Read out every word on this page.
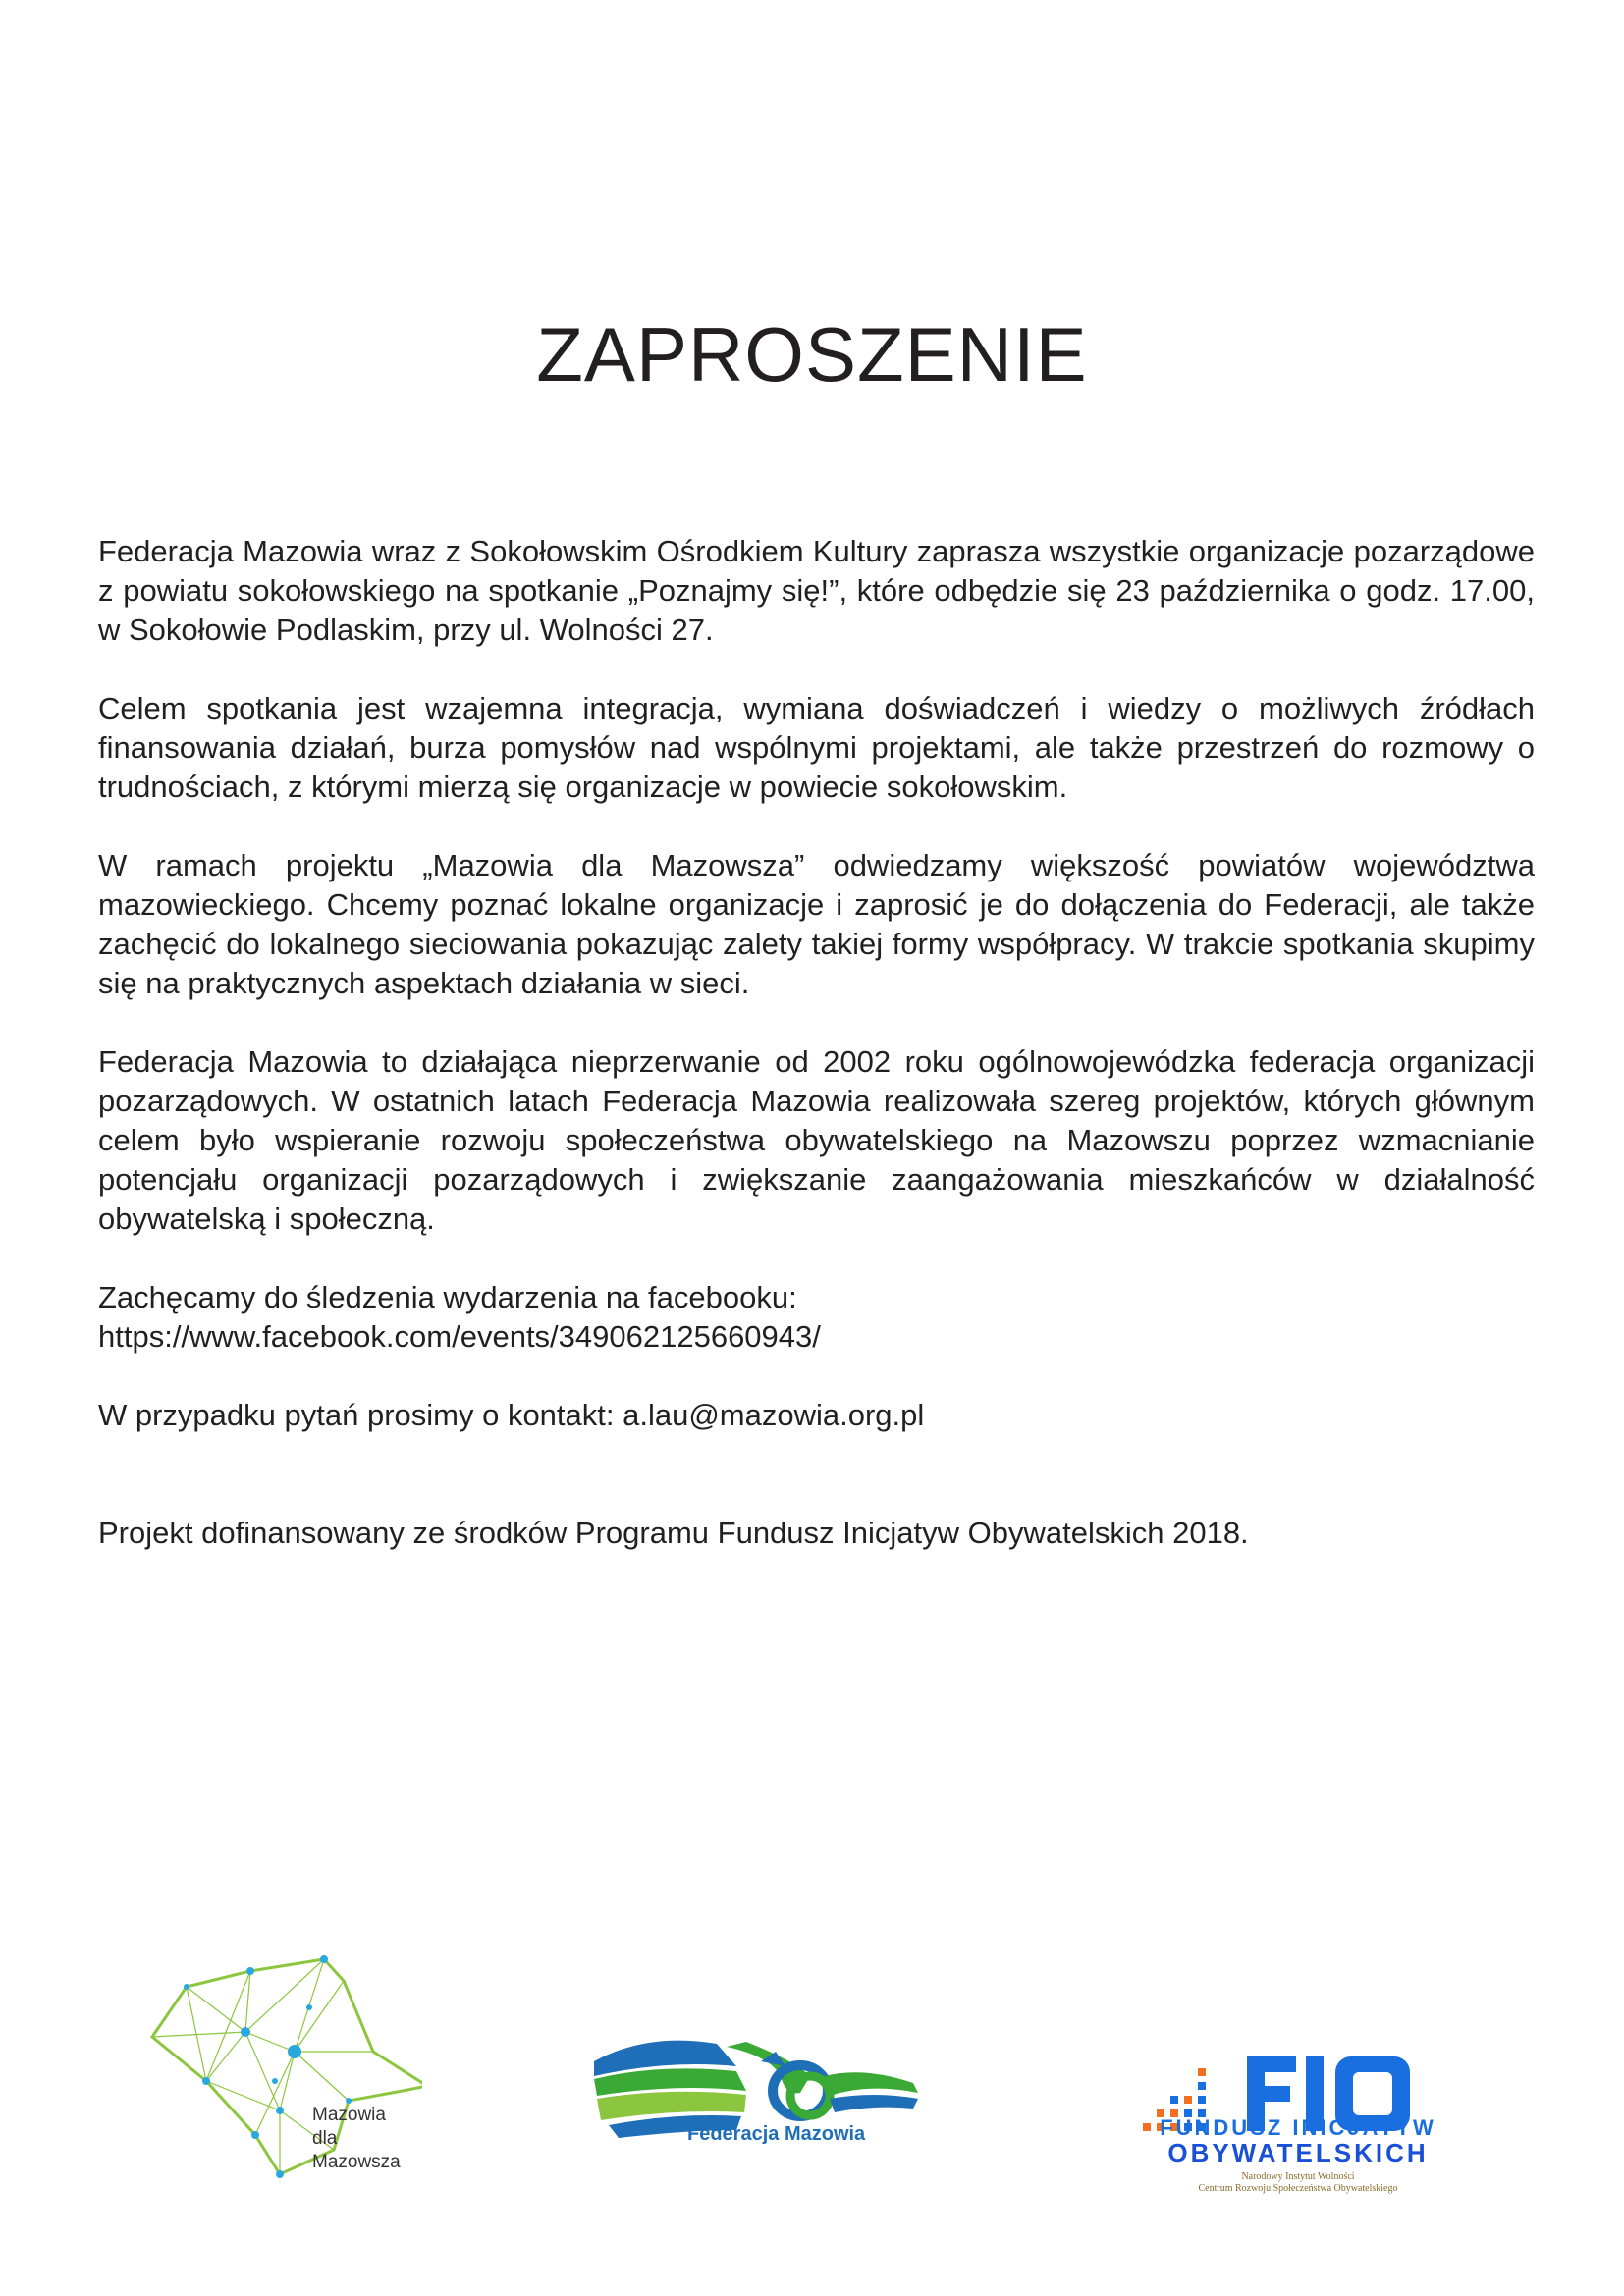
ZAPROSZENIE

Federacja Mazowia wraz z Sokołowskim Ośrodkiem Kultury zaprasza wszystkie organizacje pozarządowe z powiatu sokołowskiego na spotkanie „Poznajmy się!”, które odbędzie się 23 października o godz. 17.00, w Sokołowie Podlaskim, przy ul. Wolności 27.

Celem spotkania jest wzajemna integracja, wymiana doświadczeń i wiedzy o możliwych źródłach finansowania działań, burza pomysłów nad wspólnymi projektami, ale także przestrzeń do rozmowy o trudnościach, z którymi mierzą się organizacje w powiecie sokołowskim.

W ramach projektu „Mazowia dla Mazowsza” odwiedzamy większość powiatów województwa mazowieckiego. Chcemy poznać lokalne organizacje i zaprosić je do dołączenia do Federacji, ale także zachęcić do lokalnego sieciowania pokazując zalety takiej formy współpracy. W trakcie spotkania skupimy się na praktycznych aspektach działania w sieci.

Federacja Mazowia to działająca nieprzerwanie od 2002 roku ogólnowojewódzka federacja organizacji pozarządowych. W ostatnich latach Federacja Mazowia realizowała szereg projektów, których głównym celem było wspieranie rozwoju społeczeństwa obywatelskiego na Mazowszu poprzez wzmacnianie potencjału organizacji pozarządowych i zwiększanie zaangażowania mieszkańców w działalność obywatelską i społeczną.

Zachęcamy do śledzenia wydarzenia na facebooku:
https://www.facebook.com/events/349062125660943/

W przypadku pytań prosimy o kontakt: a.lau@mazowia.org.pl

Projekt dofinansowany ze środków Programu Fundusz Inicjatyw Obywatelskich 2018.

Mazowia
dla
Mazowsza
Federacja Mazowia	FUNDUSZ INICJATYW
OBYWATELSKICH
Narodowy Instytut Wolności
Centrum Rozwoju Społeczeństwa Obywatelskiego
